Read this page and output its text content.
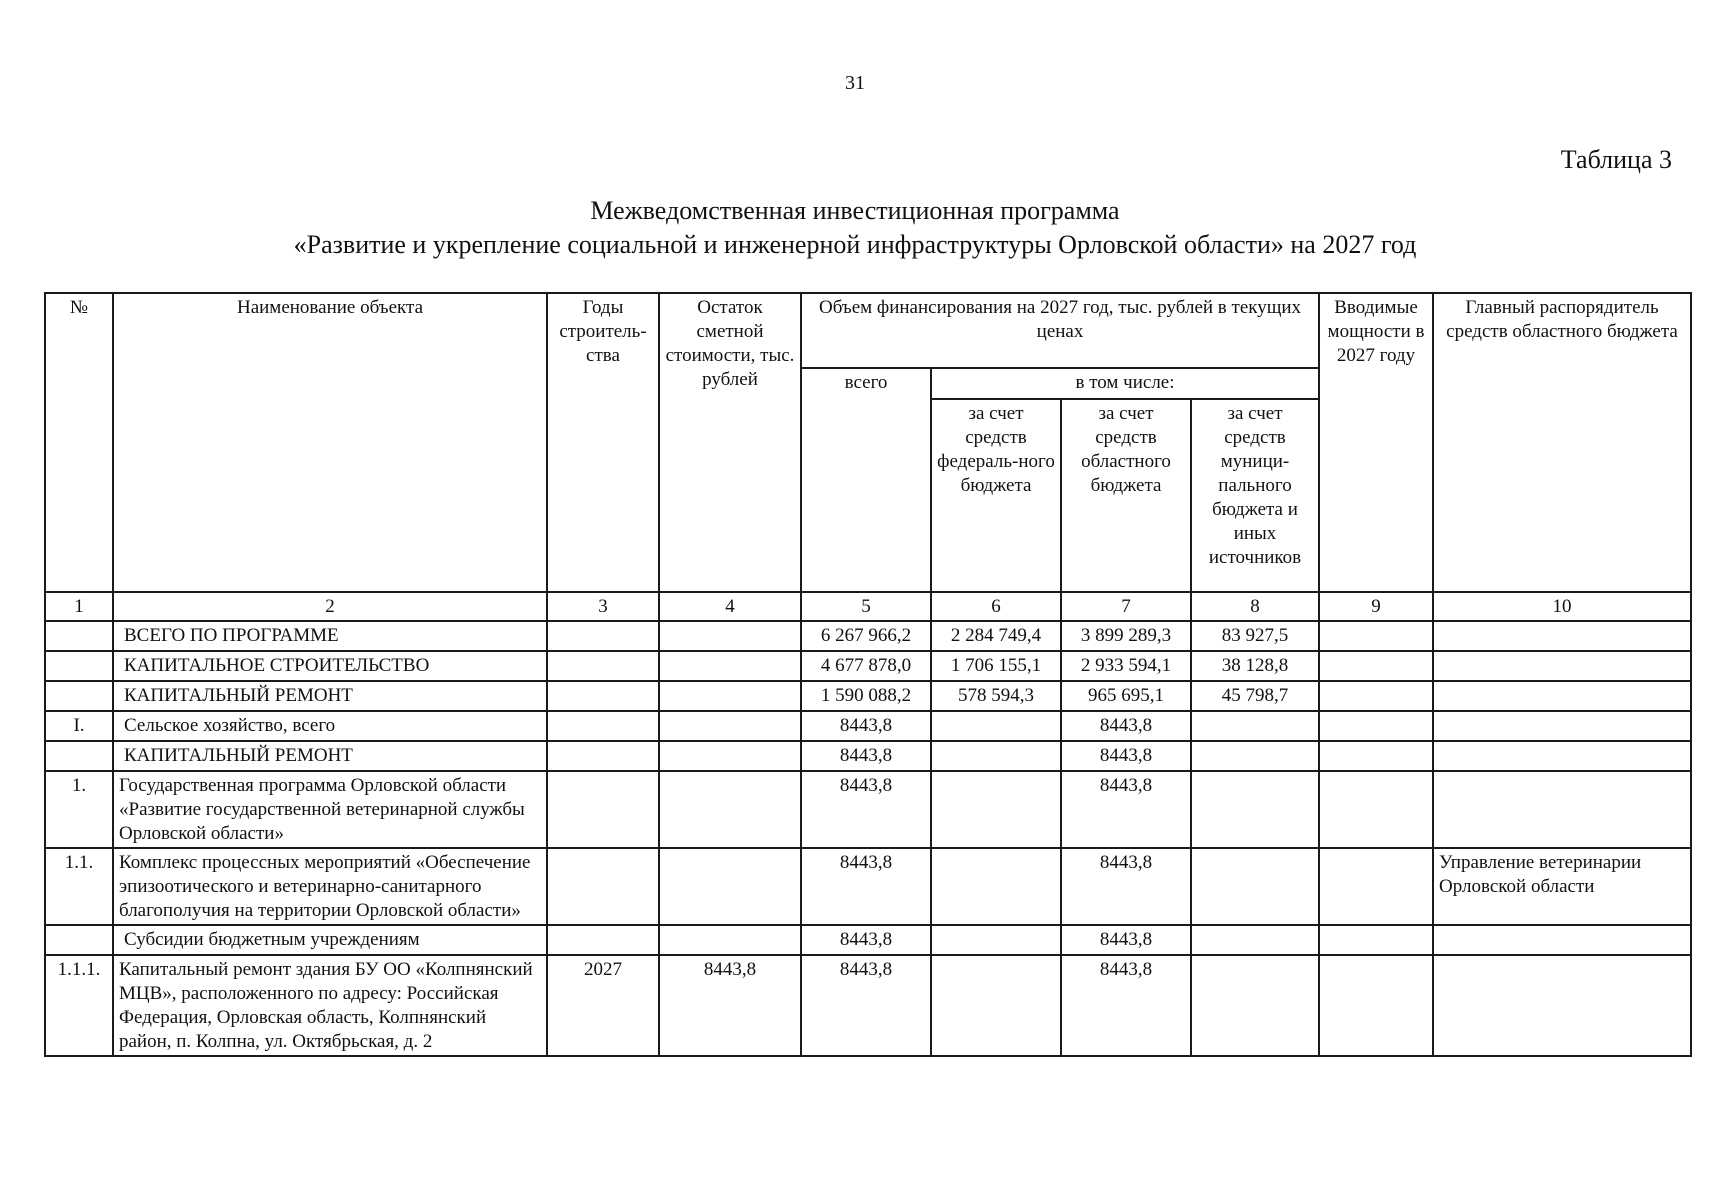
31
Таблица 3
Межведомственная инвестиционная программа
«Развитие и укрепление социальной и инженерной инфраструктуры Орловской области» на 2027 год
№	Наименование объекта	Годы строитель-ства	Остаток сметной стоимости, тыс. рублей	Объем финансирования на 2027 год, тыс. рублей в текущих ценах				Вводимые мощности в 2027 году	Главный распорядитель средств областного бюджета
				всего	в том числе:				
					за счет средств федераль-ного бюджета	за счет средств областного бюджета	за счет средств муници-пального бюджета и иных источников		
1	2	3	4	5	6	7	8	9	10
	ВСЕГО ПО ПРОГРАММЕ			6 267 966,2	2 284 749,4	3 899 289,3	83 927,5		
	КАПИТАЛЬНОЕ СТРОИТЕЛЬСТВО			4 677 878,0	1 706 155,1	2 933 594,1	38 128,8		
	КАПИТАЛЬНЫЙ РЕМОНТ			1 590 088,2	578 594,3	965 695,1	45 798,7		
I.	Сельское хозяйство, всего			8443,8		8443,8			
	КАПИТАЛЬНЫЙ РЕМОНТ			8443,8		8443,8			
1.	Государственная программа Орловской области «Развитие государственной ветеринарной службы Орловской области»			8443,8		8443,8			
1.1.	Комплекс процессных мероприятий «Обеспечение эпизоотического и ветеринарно-санитарного благополучия на территории Орловской области»			8443,8		8443,8			Управление ветеринарии Орловской области
	Субсидии бюджетным учреждениям			8443,8		8443,8			
1.1.1.	Капитальный ремонт здания БУ ОО «Колпнянский МЦВ», расположенного по адресу: Российская Федерация, Орловская область, Колпнянский район, п. Колпна, ул. Октябрьская, д. 2	2027	8443,8	8443,8		8443,8			
